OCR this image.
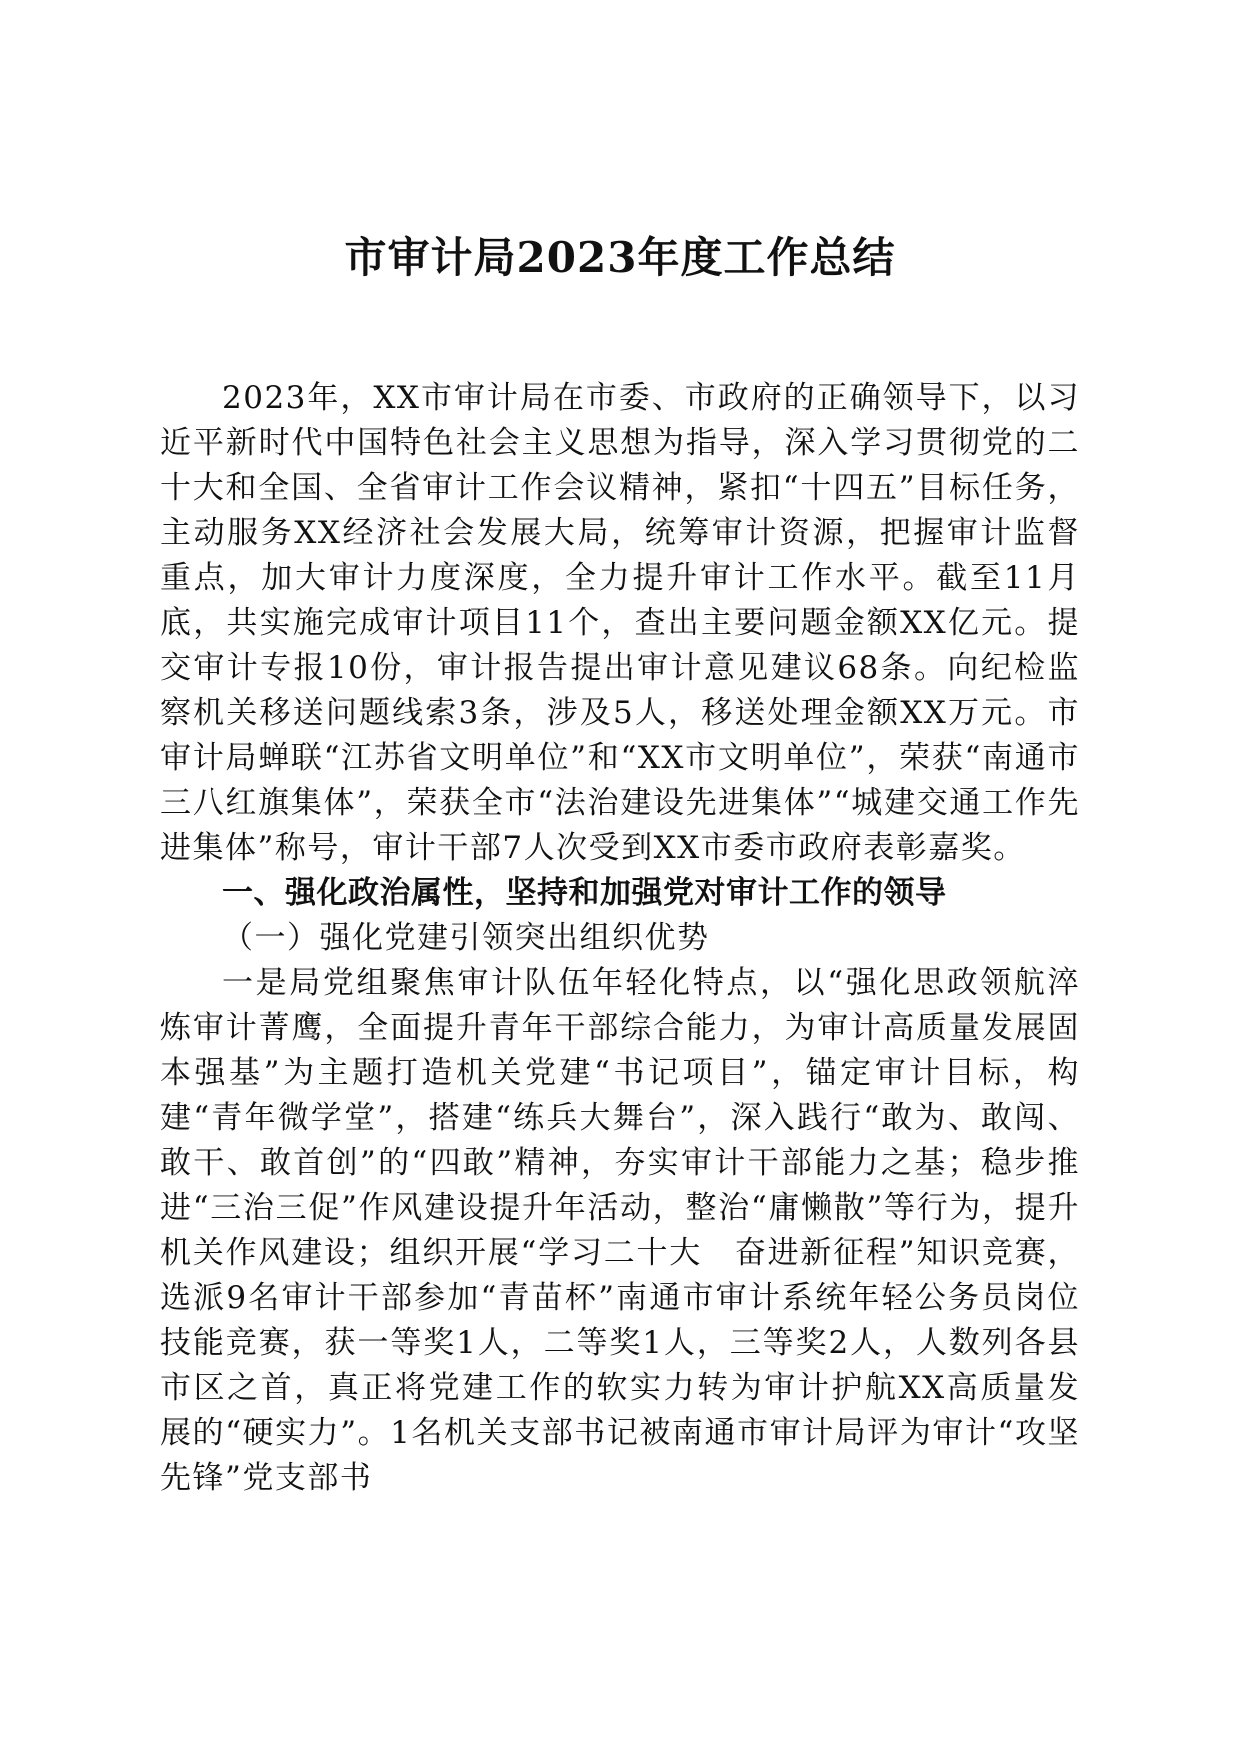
市审计局2023年度工作总结

2023年，XX市审计局在市委、市政府的正确领导下，以习近平新时代中国特色社会主义思想为指导，深入学习贯彻党的二十大和全国、全省审计工作会议精神，紧扣“十四五”目标任务，主动服务XX经济社会发展大局，统筹审计资源，把握审计监督重点，加大审计力度深度，全力提升审计工作水平。截至11月底，共实施完成审计项目11个，查出主要问题金额XX亿元。提交审计专报10份，审计报告提出审计意见建议68条。向纪检监察机关移送问题线索3条，涉及5人，移送处理金额XX万元。市审计局蝉联“江苏省文明单位”和“XX市文明单位”，荣获“南通市三八红旗集体”，荣获全市“法治建设先进集体”“城建交通工作先进集体”称号，审计干部7人次受到XX市委市政府表彰嘉奖。

一、强化政治属性，坚持和加强党对审计工作的领导

（一）强化党建引领突出组织优势

一是局党组聚焦审计队伍年轻化特点，以“强化思政领航淬炼审计菁鹰，全面提升青年干部综合能力，为审计高质量发展固本强基”为主题打造机关党建“书记项目”，锚定审计目标，构建“青年微学堂”，搭建“练兵大舞台”，深入践行“敢为、敢闯、敢干、敢首创”的“四敢”精神，夯实审计干部能力之基；稳步推进“三治三促”作风建设提升年活动，整治“庸懒散”等行为，提升机关作风建设；组织开展“学习二十大　奋进新征程”知识竞赛，选派9名审计干部参加“青苗杯”南通市审计系统年轻公务员岗位技能竞赛，获一等奖1人，二等奖1人，三等奖2人，人数列各县市区之首，真正将党建工作的软实力转为审计护航XX高质量发展的“硬实力”。1名机关支部书记被南通市审计局评为审计“攻坚先锋”党支部书
